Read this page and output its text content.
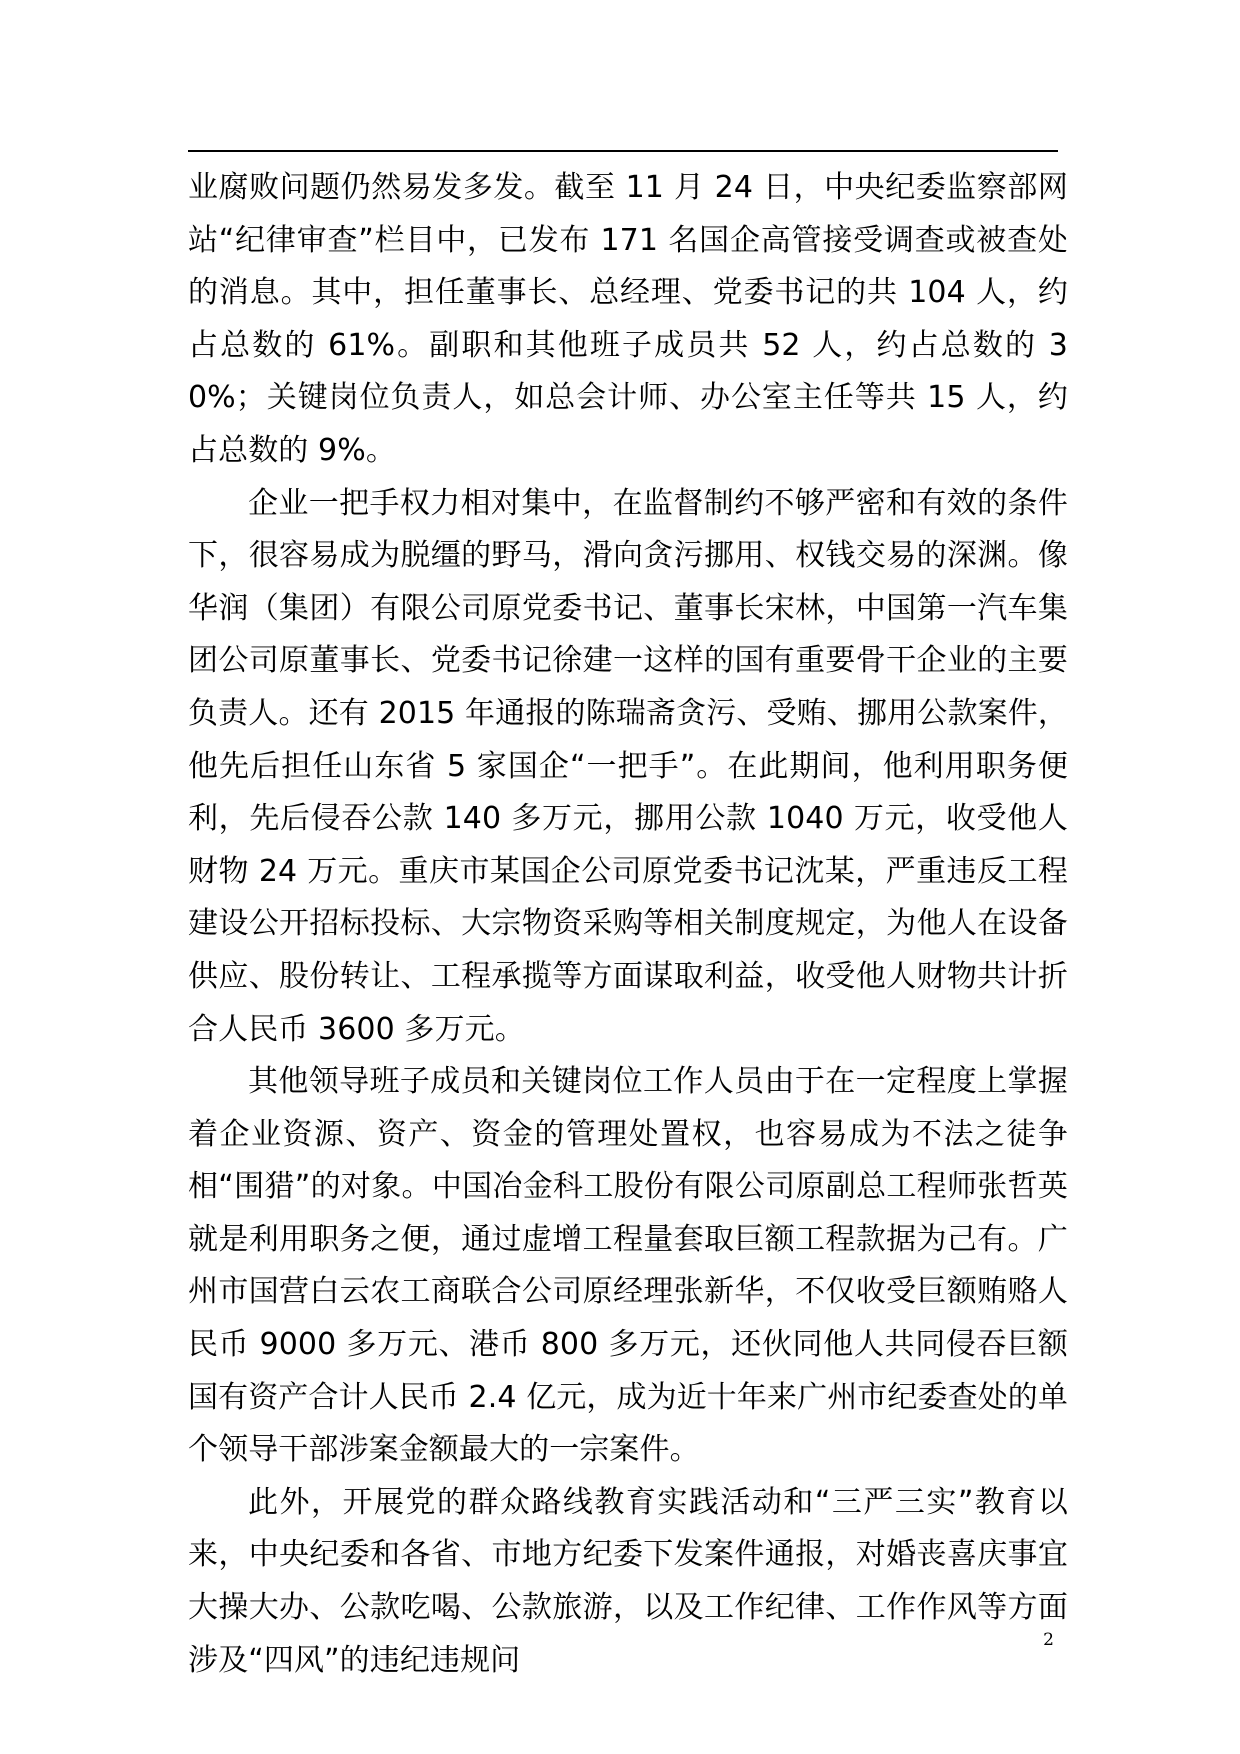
业腐败问题仍然易发多发。截至 11 月 24 日，中央纪委监察部网站“纪律审查”栏目中，已发布 171 名国企高管接受调查或被查处的消息。其中，担任董事长、总经理、党委书记的共 104 人，约占总数的 61%。副职和其他班子成员共 52 人，约占总数的 30%；关键岗位负责人，如总会计师、办公室主任等共 15 人，约占总数的 9%。

企业一把手权力相对集中，在监督制约不够严密和有效的条件下，很容易成为脱缰的野马，滑向贪污挪用、权钱交易的深渊。像华润（集团）有限公司原党委书记、董事长宋林，中国第一汽车集团公司原董事长、党委书记徐建一这样的国有重要骨干企业的主要负责人。还有 2015 年通报的陈瑞斋贪污、受贿、挪用公款案件，他先后担任山东省 5 家国企“一把手”。在此期间，他利用职务便利，先后侵吞公款 140 多万元，挪用公款 1040 万元，收受他人财物 24 万元。重庆市某国企公司原党委书记沈某，严重违反工程建设公开招标投标、大宗物资采购等相关制度规定，为他人在设备供应、股份转让、工程承揽等方面谋取利益，收受他人财物共计折合人民币 3600 多万元。

其他领导班子成员和关键岗位工作人员由于在一定程度上掌握着企业资源、资产、资金的管理处置权，也容易成为不法之徒争相“围猎”的对象。中国冶金科工股份有限公司原副总工程师张哲英就是利用职务之便，通过虚增工程量套取巨额工程款据为己有。广州市国营白云农工商联合公司原经理张新华，不仅收受巨额贿赂人民币 9000 多万元、港币 800 多万元，还伙同他人共同侵吞巨额国有资产合计人民币 2.4 亿元，成为近十年来广州市纪委查处的单个领导干部涉案金额最大的一宗案件。

此外，开展党的群众路线教育实践活动和“三严三实”教育以来，中央纪委和各省、市地方纪委下发案件通报，对婚丧喜庆事宜大操大办、公款吃喝、公款旅游，以及工作纪律、工作作风等方面涉及“四风”的违纪违规问

2
